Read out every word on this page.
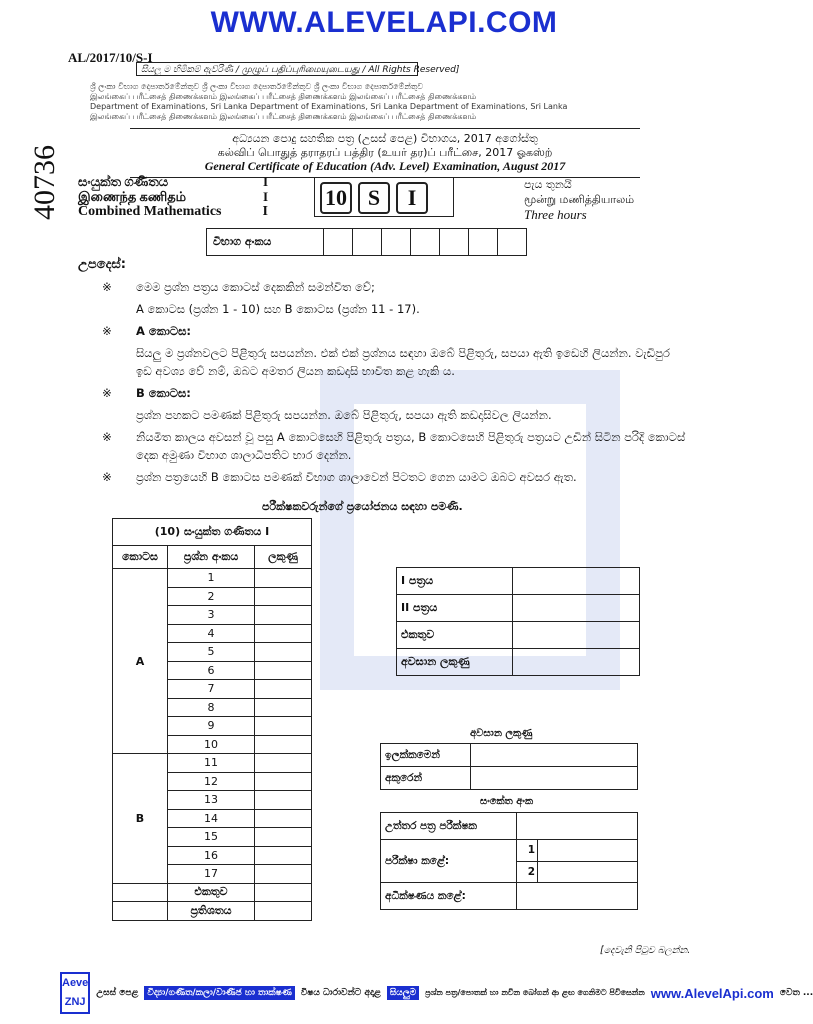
WWW.ALEVELAPI.COM
AL/2017/10/S-I
සියලු ම හිමිකම් ඇව්රිණි / முழுப் பதிப்புரிமையுடையது / All Rights Reserved]
ශ්‍රී ලංකා විභාග දෙපාර්තමේන්තුව ශ්‍රී ලංකා විභාග දෙපාර්තමේන්තුව ශ්‍රී ලංකා විභාග දෙපාර්තමේන්තුව
இலங்கைப் பரீட்சைத் திணைக்களம் இலங்கைப் பரீட்சைத் திணைக்களம் இலங்கைப் பரீட்சைத் திணைக்களம்
Department of Examinations, Sri Lanka Department of Examinations, Sri Lanka Department of Examinations, Sri Lanka
இலங்கைப் பரீட்சைத் திணைக்களம் இலங்கைப் பரீட்சைத் திணைக்களம் இலங்கைப் பரீட்சைத் திணைக்களம்
40736
අධ්‍යයන පොදු සහතික පත්‍ර (උසස් පෙළ) විභාගය, 2017 අගෝස්තු
கல்விப் பொதுத் தராதரப் பத்திர (உயர் தர)ப் பரீட்சை, 2017 ஓகஸ்ற்
General Certificate of Education (Adv. Level) Examination, August 2017
සංයුක්ත ගණිතය	I
இணைந்த கணிதம்	I
Combined Mathematics	I
10 S	I
පැය තුනයි
மூன்று மணித்தியாலம்
Three hours
විභාග අංකය
උපදෙස්:
※	මෙම ප්‍රශ්න පත්‍රය කොටස් දෙකකින් සමන්විත වේ;
A කොටස (ප්‍රශ්න 1 - 10) සහ B කොටස (ප්‍රශ්න 11 - 17).
※	A කොටස:
සියලු ම ප්‍රශ්නවලට පිළිතුරු සපයන්න. එක් එක් ප්‍රශ්නය සඳහා ඔබේ පිළිතුරු, සපයා ඇති ඉඩෙහි ලියන්න. වැඩිපුර ඉඩ අවශ්‍ය වේ නම්, ඔබට අමතර ලියන කඩදාසි භාවිත කළ හැකි ය.
※	B කොටස:
ප්‍රශ්න පහකට පමණක් පිළිතුරු සපයන්න. ඔබේ පිළිතුරු, සපයා ඇති කඩදාසිවල ලියන්න.
※	නියමිත කාලය අවසන් වූ පසු A කොටසෙහි පිළිතුරු පත්‍රය, B කොටසෙහි පිළිතුරු පත්‍රයට උඩින් සිටින පරිදි කොටස් දෙක අමුණා විභාග ශාලාධිපතිට භාර දෙන්න.
※	ප්‍රශ්න පත්‍රයෙහි B කොටස පමණක් විභාග ශාලාවෙන් පිටතට ගෙන යාමට ඔබට අවසර ඇත.
පරීක්ෂකවරුන්ගේ ප්‍රයෝජනය සඳහා පමණි.
(10) සංයුක්ත ගණිතය I		
කොටස	ප්‍රශ්න අංකය	ලකුණු
A	1	
	2	
	3	
	4	
	5	
	6	
	7	
	8	
	9	
	10	
B	11	
	12	
	13	
	14	
	15	
	16	
	17	
	එකතුව	
	ප්‍රතිශතය	
I පත්‍රය	
II පත්‍රය	
එකතුව	
අවසාන ලකුණු	
අවසාන ලකුණු
ඉලක්කමෙන්	
අකුරෙන්	
සංකේත අංක
උත්තර පත්‍ර පරීක්ෂක		
පරීක්ෂා කළේ:	1	
	2	
අධීක්ෂණය කළේ:		
[දෙවැනි පිටුව බලන්න.
Aeve
ZNJ
උසස් පෙළ	විද්‍යා/ගණිත/කලා/වාණිජ හා තාක්ෂණ	විෂය ධාරාවන්ට අදාළ	සියලුම	ප්‍රශ්න පත්‍ර/පොතක් හා නවීන බෝගන් ආ ළඟ ගෙනිමට පිවිසෙන්න www.AlevelApi.com වෙත ...
